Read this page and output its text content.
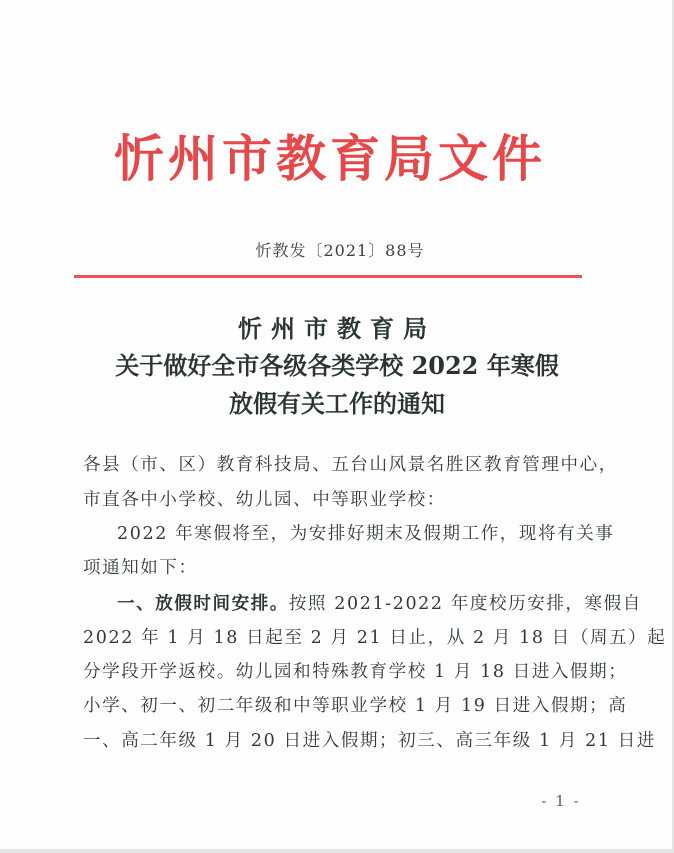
忻州市教育局文件
忻教发〔2021〕88号
忻州市教育局
关于做好全市各级各类学校 2022 年寒假
放假有关工作的通知
各县（市、区）教育科技局、五台山风景名胜区教育管理中心，
市直各中小学校、幼儿园、中等职业学校：
2022 年寒假将至，为安排好期末及假期工作，现将有关事
项通知如下：
一、放假时间安排。按照 2021-2022 年度校历安排，寒假自
2022 年 1 月 18 日起至 2 月 21 日止，从 2 月 18 日（周五）起
分学段开学返校。幼儿园和特殊教育学校 1 月 18 日进入假期；
小学、初一、初二年级和中等职业学校 1 月 19 日进入假期；高
一、高二年级 1 月 20 日进入假期；初三、高三年级 1 月 21 日进
- 1 -
